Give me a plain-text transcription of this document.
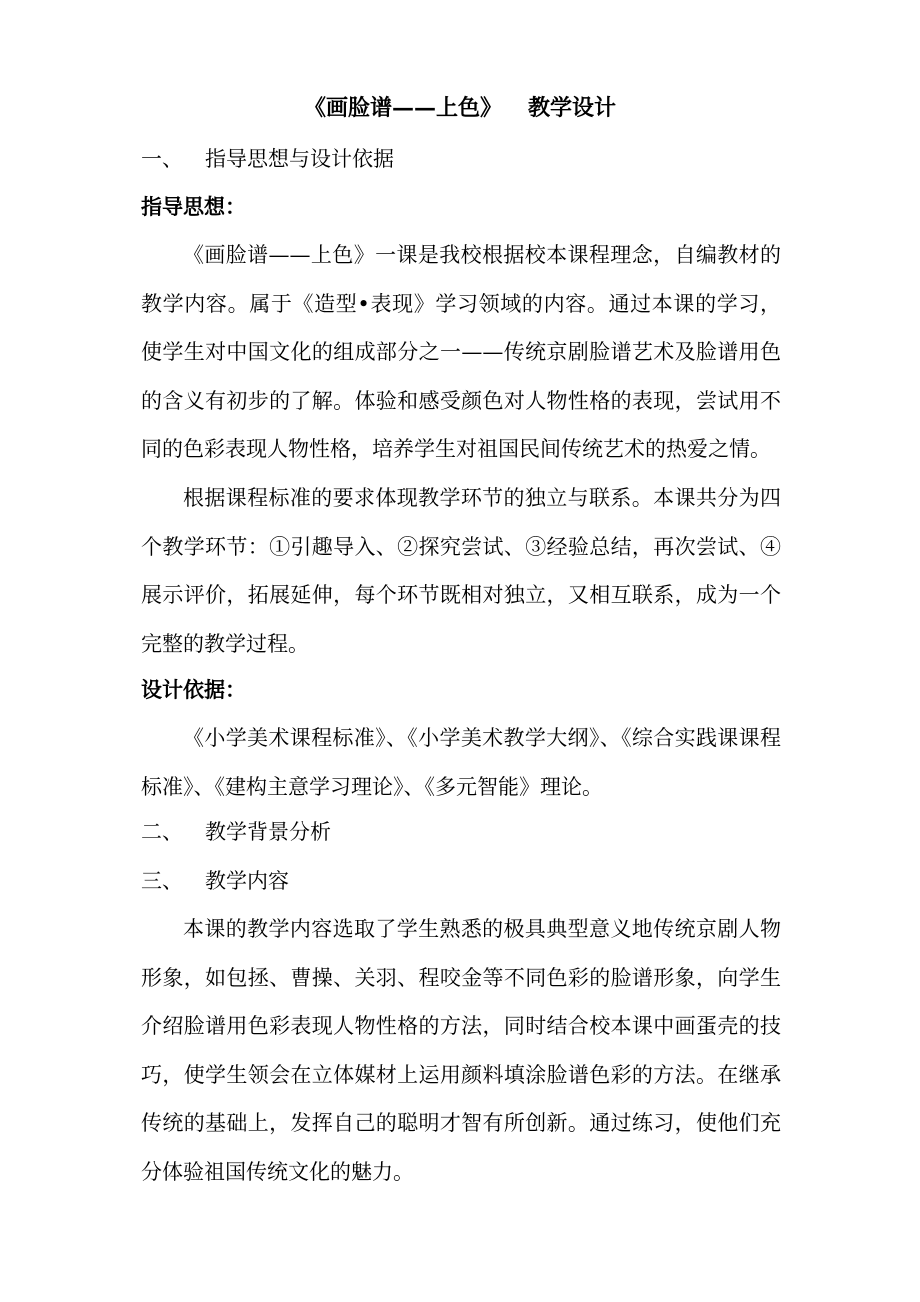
《画脸谱——上色》 教学设计
一、 指导思想与设计依据
指导思想：

《画脸谱——上色》一课是我校根据校本课程理念，自编教材的教学内容。属于《造型•表现》学习领域的内容。通过本课的学习，使学生对中国文化的组成部分之一——传统京剧脸谱艺术及脸谱用色的含义有初步的了解。体验和感受颜色对人物性格的表现，尝试用不同的色彩表现人物性格，培养学生对祖国民间传统艺术的热爱之情。

根据课程标准的要求体现教学环节的独立与联系。本课共分为四个教学环节：①引趣导入、②探究尝试、③经验总结，再次尝试、④展示评价，拓展延伸，每个环节既相对独立，又相互联系，成为一个完整的教学过程。

设计依据：

《小学美术课程标准》、《小学美术教学大纲》、《综合实践课课程标准》、《建构主意学习理论》、《多元智能》理论。

二、 教学背景分析
三、 教学内容

本课的教学内容选取了学生熟悉的极具典型意义地传统京剧人物形象，如包拯、曹操、关羽、程咬金等不同色彩的脸谱形象，向学生介绍脸谱用色彩表现人物性格的方法，同时结合校本课中画蛋壳的技巧，使学生领会在立体媒材上运用颜料填涂脸谱色彩的方法。在继承传统的基础上，发挥自己的聪明才智有所创新。通过练习，使他们充分体验祖国传统文化的魅力。
